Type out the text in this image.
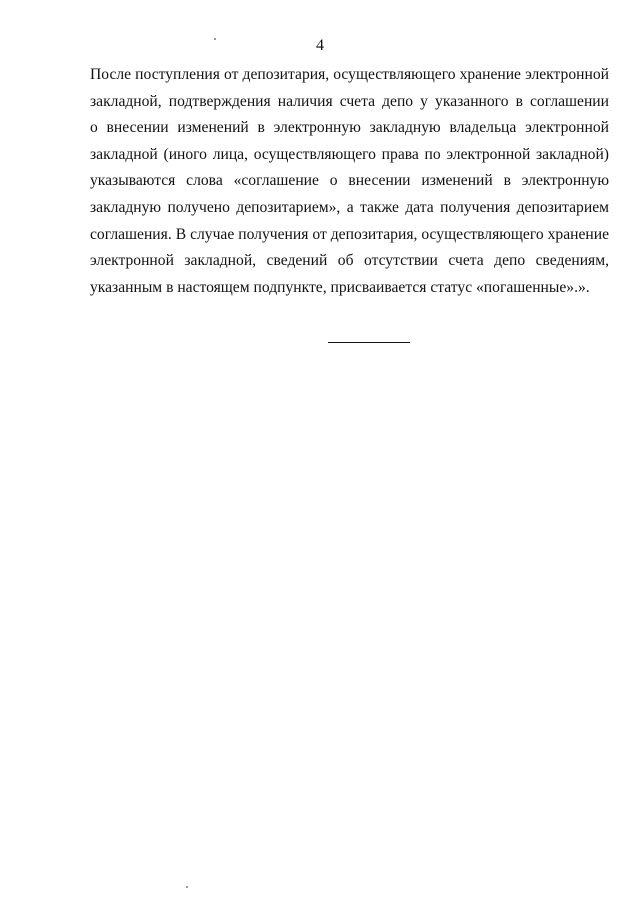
4

После поступления от депозитария, осуществляющего хранение электронной
закладной, подтверждения наличия счета депо у указанного в соглашении
о внесении изменений в электронную закладную владельца электронной
закладной (иного лица, осуществляющего права по электронной закладной)
указываются слова «соглашение о внесении изменений в электронную
закладную получено депозитарием», а также дата получения депозитарием
соглашения. В случае получения от депозитария, осуществляющего хранение
электронной закладной, сведений об отсутствии счета депо сведениям,
указанным в настоящем подпункте, присваивается статус «погашенные».».
